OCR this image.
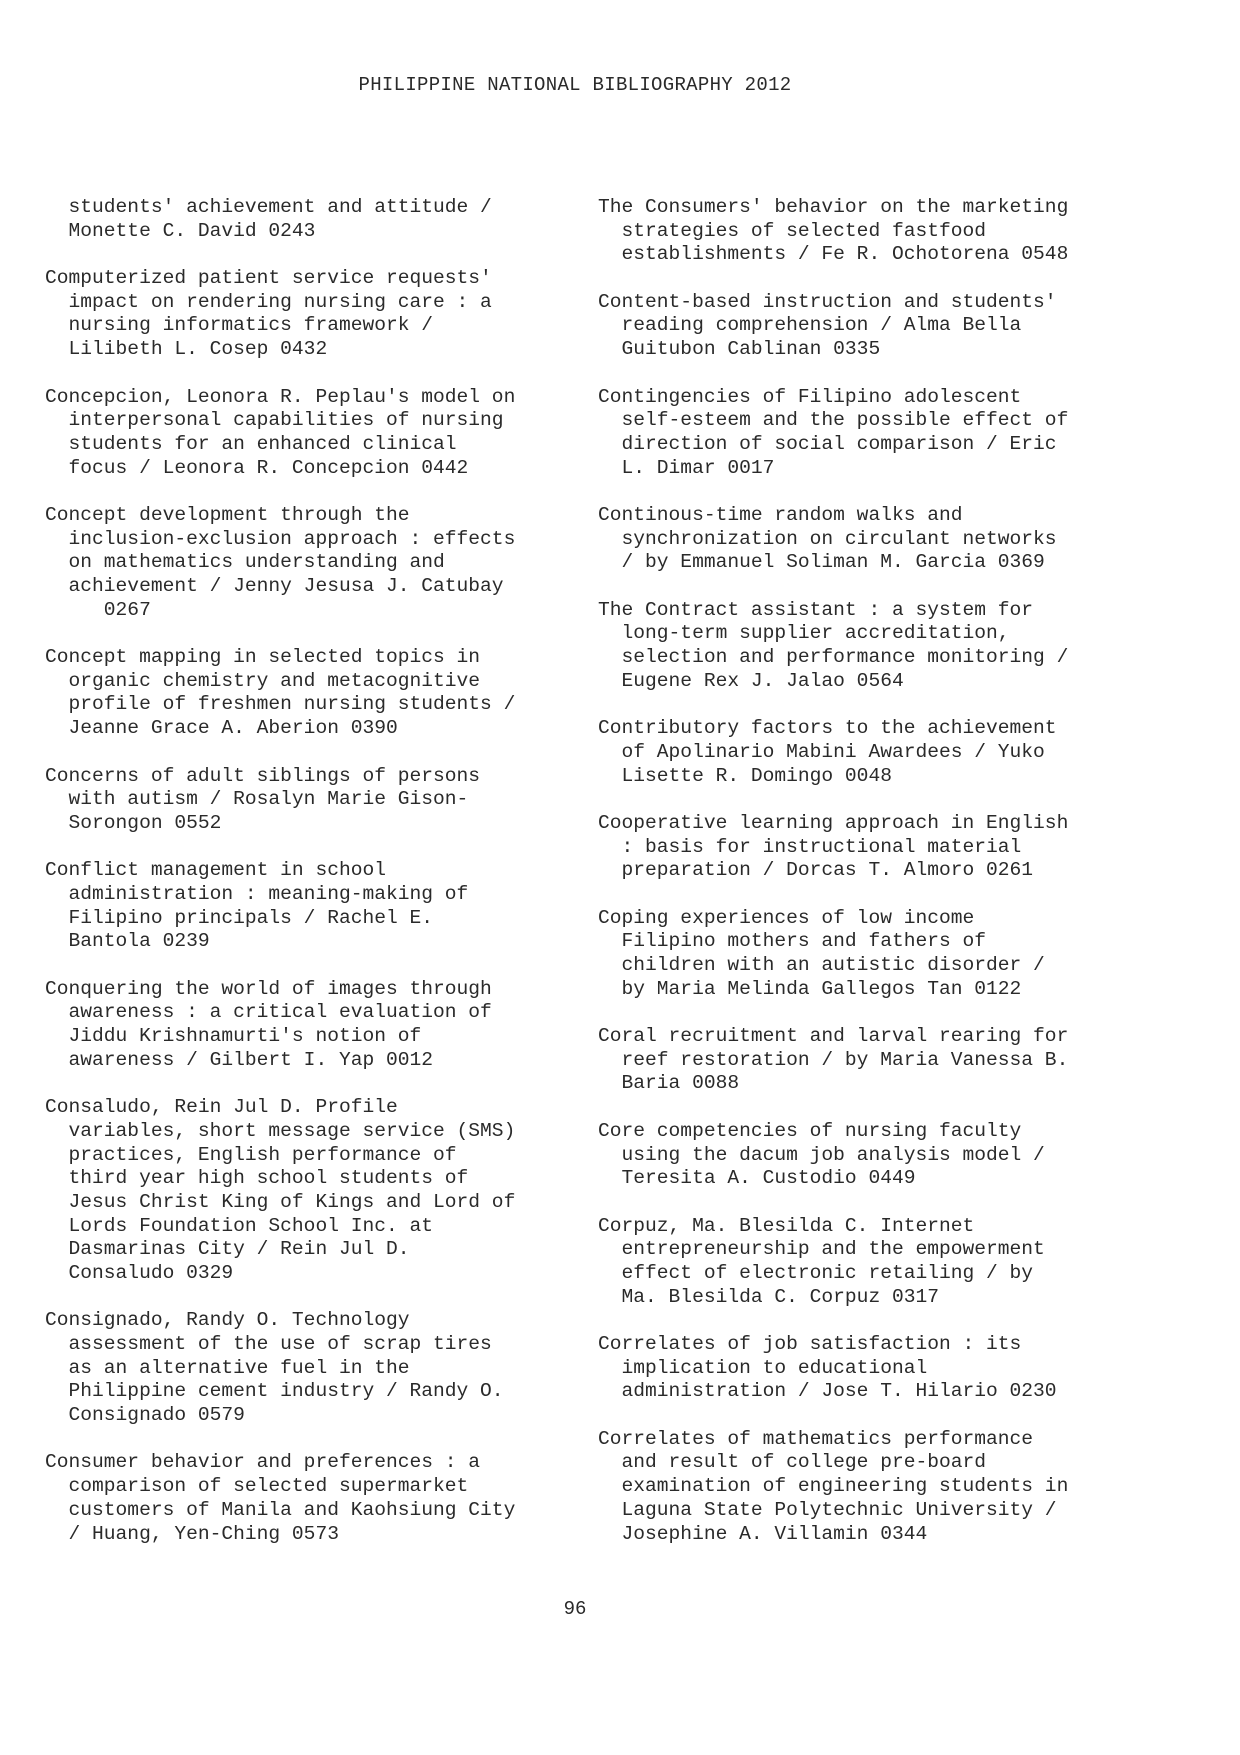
PHILIPPINE NATIONAL BIBLIOGRAPHY 2012
students' achievement and attitude /
Monette C. David 0243
Computerized patient service requests'
impact on rendering nursing care : a
nursing informatics framework /
Lilibeth L. Cosep 0432
Concepcion, Leonora R. Peplau's model on
interpersonal capabilities of nursing
students for an enhanced clinical
focus / Leonora R. Concepcion 0442
Concept development through the
inclusion-exclusion approach : effects
on mathematics understanding and
achievement / Jenny Jesusa J. Catubay
0267
Concept mapping in selected topics in
organic chemistry and metacognitive
profile of freshmen nursing students /
Jeanne Grace A. Aberion 0390
Concerns of adult siblings of persons
with autism / Rosalyn Marie Gison-
Sorongon 0552
Conflict management in school
administration : meaning-making of
Filipino principals / Rachel E.
Bantola 0239
Conquering the world of images through
awareness : a critical evaluation of
Jiddu Krishnamurti's notion of
awareness / Gilbert I. Yap 0012
Consaludo, Rein Jul D. Profile
variables, short message service (SMS)
practices, English performance of
third year high school students of
Jesus Christ King of Kings and Lord of
Lords Foundation School Inc. at
Dasmarinas City / Rein Jul D.
Consaludo 0329
Consignado, Randy O. Technology
assessment of the use of scrap tires
as an alternative fuel in the
Philippine cement industry / Randy O.
Consignado 0579
Consumer behavior and preferences : a
comparison of selected supermarket
customers of Manila and Kaohsiung City
/ Huang, Yen-Ching 0573
The Consumers' behavior on the marketing
strategies of selected fastfood
establishments / Fe R. Ochotorena 0548
Content-based instruction and students'
reading comprehension / Alma Bella
Guitubon Cablinan 0335
Contingencies of Filipino adolescent
self-esteem and the possible effect of
direction of social comparison / Eric
L. Dimar 0017
Continous-time random walks and
synchronization on circulant networks
/ by Emmanuel Soliman M. Garcia 0369
The Contract assistant : a system for
long-term supplier accreditation,
selection and performance monitoring /
Eugene Rex J. Jalao 0564
Contributory factors to the achievement
of Apolinario Mabini Awardees / Yuko
Lisette R. Domingo 0048
Cooperative learning approach in English
: basis for instructional material
preparation / Dorcas T. Almoro 0261
Coping experiences of low income
Filipino mothers and fathers of
children with an autistic disorder /
by Maria Melinda Gallegos Tan 0122
Coral recruitment and larval rearing for
reef restoration / by Maria Vanessa B.
Baria 0088
Core competencies of nursing faculty
using the dacum job analysis model /
Teresita A. Custodio 0449
Corpuz, Ma. Blesilda C. Internet
entrepreneurship and the empowerment
effect of electronic retailing / by
Ma. Blesilda C. Corpuz 0317
Correlates of job satisfaction : its
implication to educational
administration / Jose T. Hilario 0230
Correlates of mathematics performance
and result of college pre-board
examination of engineering students in
Laguna State Polytechnic University /
Josephine A. Villamin 0344
96
